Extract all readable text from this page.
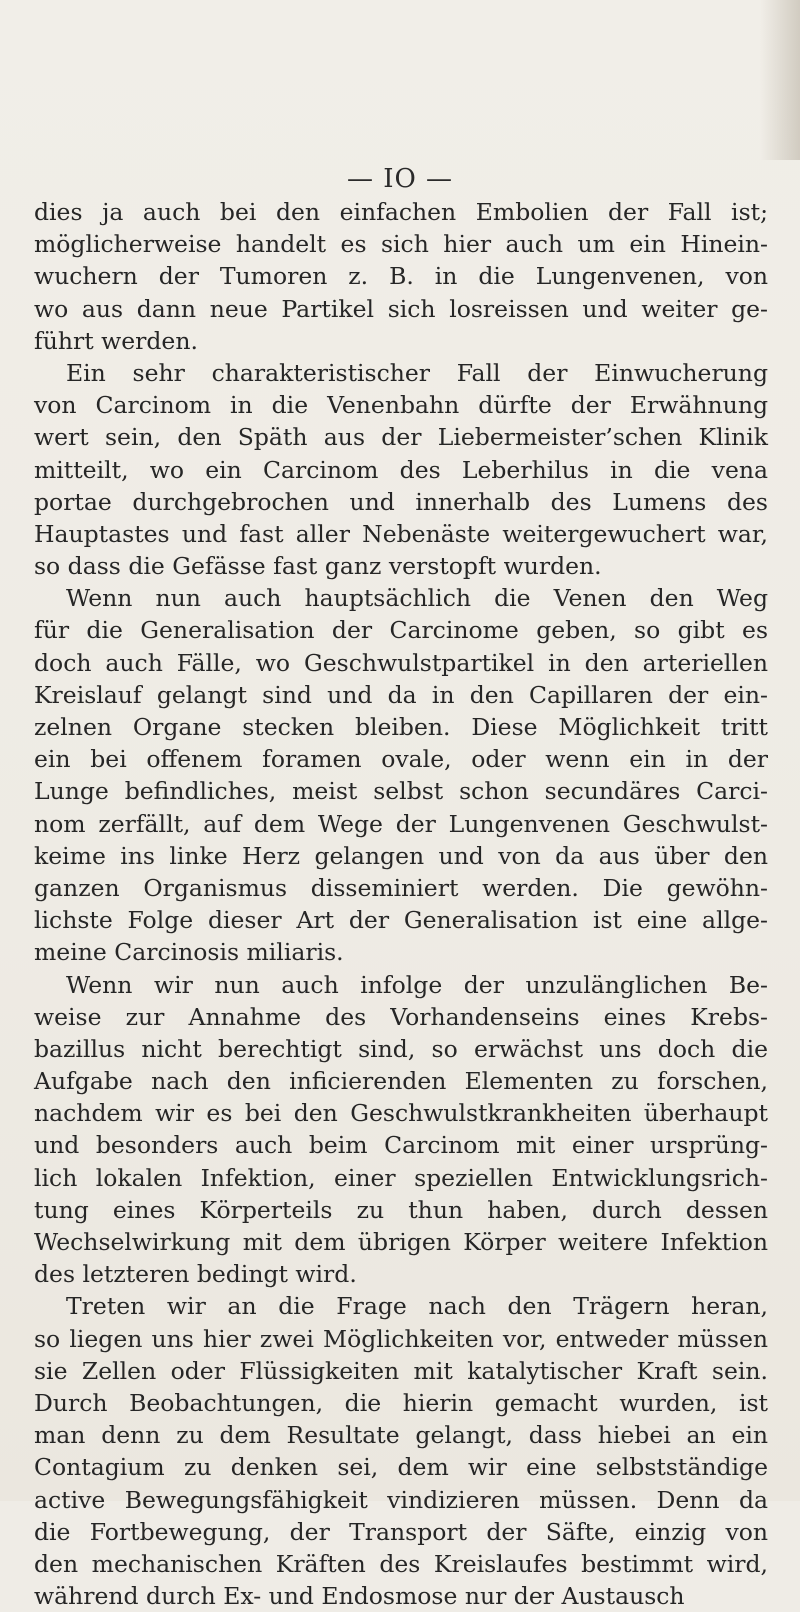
— IO —
dies ja auch bei den einfachen Embolien der Fall ist;
möglicherweise handelt es sich hier auch um ein Hinein-
wuchern der Tumoren z. B. in die Lungenvenen, von
wo aus dann neue Partikel sich losreissen und weiter ge-
führt werden.
Ein sehr charakteristischer Fall der Einwucherung
von Carcinom in die Venenbahn dürfte der Erwähnung
wert sein, den Späth aus der Liebermeister’schen Klinik
mitteilt, wo ein Carcinom des Leberhilus in die vena
portae durchgebrochen und innerhalb des Lumens des
Hauptastes und fast aller Nebenäste weitergewuchert war,
so dass die Gefässe fast ganz verstopft wurden.
Wenn nun auch hauptsächlich die Venen den Weg
für die Generalisation der Carcinome geben, so gibt es
doch auch Fälle, wo Geschwulstpartikel in den arteriellen
Kreislauf gelangt sind und da in den Capillaren der ein-
zelnen Organe stecken bleiben. Diese Möglichkeit tritt
ein bei offenem foramen ovale, oder wenn ein in der
Lunge befindliches, meist selbst schon secundäres Carci-
nom zerfällt, auf dem Wege der Lungenvenen Geschwulst-
keime ins linke Herz gelangen und von da aus über den
ganzen Organismus disseminiert werden. Die gewöhn-
lichste Folge dieser Art der Generalisation ist eine allge-
meine Carcinosis miliaris.
Wenn wir nun auch infolge der unzulänglichen Be-
weise zur Annahme des Vorhandenseins eines Krebs-
bazillus nicht berechtigt sind, so erwächst uns doch die
Aufgabe nach den inficierenden Elementen zu forschen,
nachdem wir es bei den Geschwulstkrankheiten überhaupt
und besonders auch beim Carcinom mit einer ursprüng-
lich lokalen Infektion, einer speziellen Entwicklungsrich-
tung eines Körperteils zu thun haben, durch dessen
Wechselwirkung mit dem übrigen Körper weitere Infektion
des letzteren bedingt wird.
Treten wir an die Frage nach den Trägern heran,
so liegen uns hier zwei Möglichkeiten vor, entweder müssen
sie Zellen oder Flüssigkeiten mit katalytischer Kraft sein.
Durch Beobachtungen, die hierin gemacht wurden, ist
man denn zu dem Resultate gelangt, dass hiebei an ein
Contagium zu denken sei, dem wir eine selbstständige
active Bewegungsfähigkeit vindizieren müssen. Denn da
die Fortbewegung, der Transport der Säfte, einzig von
den mechanischen Kräften des Kreislaufes bestimmt wird,
während durch Ex- und Endosmose nur der Austausch
